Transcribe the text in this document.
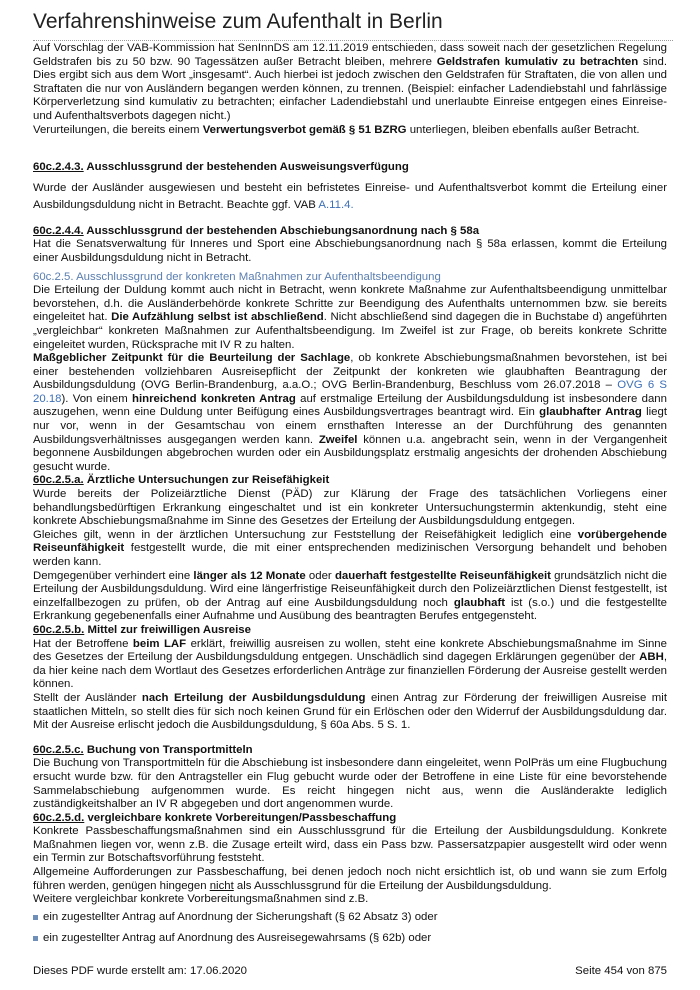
Verfahrenshinweise zum Aufenthalt in Berlin

Auf Vorschlag der VAB-Kommission hat SenInnDS am 12.11.2019 entschieden, dass soweit nach der gesetzlichen Regelung Geldstrafen bis zu 50 bzw. 90 Tagessätzen außer Betracht bleiben, mehrere Geldstrafen kumulativ zu betrachten sind. Dies ergibt sich aus dem Wort „insgesamt“. Auch hierbei ist jedoch zwischen den Geldstrafen für Straftaten, die von allen und Straftaten die nur von Ausländern begangen werden können, zu trennen. (Beispiel: einfacher Ladendiebstahl und fahrlässige Körperverletzung sind kumulativ zu betrachten; einfacher Ladendiebstahl und unerlaubte Einreise entgegen eines Einreise- und Aufenthaltsverbots dagegen nicht.)

Verurteilungen, die bereits einem Verwertungsverbot gemäß § 51 BZRG unterliegen, bleiben ebenfalls außer Betracht.

60c.2.4.3. Ausschlussgrund der bestehenden Ausweisungsverfügung

Wurde der Ausländer ausgewiesen und besteht ein befristetes Einreise- und Aufenthaltsverbot kommt die Erteilung einer Ausbildungsduldung nicht in Betracht. Beachte ggf. VAB A.11.4.

60c.2.4.4. Ausschlussgrund der bestehenden Abschiebungsanordnung nach § 58a

Hat die Senatsverwaltung für Inneres und Sport eine Abschiebungsanordnung nach § 58a erlassen, kommt die Erteilung einer Ausbildungsduldung nicht in Betracht.

60c.2.5. Ausschlussgrund der konkreten Maßnahmen zur Aufenthaltsbeendigung

Die Erteilung der Duldung kommt auch nicht in Betracht, wenn konkrete Maßnahme zur Aufenthaltsbeendigung unmittelbar bevorstehen, d.h. die Ausländerbehörde konkrete Schritte zur Beendigung des Aufenthalts unternommen bzw. sie bereits eingeleitet hat. Die Aufzählung selbst ist abschließend. Nicht abschließend sind dagegen die in Buchstabe d) angeführten „vergleichbar“ konkreten Maßnahmen zur Aufenthaltsbeendigung. Im Zweifel ist zur Frage, ob bereits konkrete Schritte eingeleitet wurden, Rücksprache mit IV R zu halten.

Maßgeblicher Zeitpunkt für die Beurteilung der Sachlage, ob konkrete Abschiebungsmaßnahmen bevorstehen, ist bei einer bestehenden vollziehbaren Ausreisepflicht der Zeitpunkt der konkreten wie glaubhaften Beantragung der Ausbildungsduldung (OVG Berlin-Brandenburg, a.a.O.; OVG Berlin-Brandenburg, Beschluss vom 26.07.2018 – OVG 6 S 20.18). Von einem hinreichend konkreten Antrag auf erstmalige Erteilung der Ausbildungsduldung ist insbesondere dann auszugehen, wenn eine Duldung unter Beifügung eines Ausbildungsvertrages beantragt wird. Ein glaubhafter Antrag liegt nur vor, wenn in der Gesamtschau von einem ernsthaften Interesse an der Durchführung des genannten Ausbildungsverhältnisses ausgegangen werden kann. Zweifel können u.a. angebracht sein, wenn in der Vergangenheit begonnene Ausbildungen abgebrochen wurden oder ein Ausbildungsplatz erstmalig angesichts der drohenden Abschiebung gesucht wurde.

60c.2.5.a. Ärztliche Untersuchungen zur Reisefähigkeit

Wurde bereits der Polizeiärztliche Dienst (PÄD) zur Klärung der Frage des tatsächlichen Vorliegens einer behandlungsbedürftigen Erkrankung eingeschaltet und ist ein konkreter Untersuchungstermin aktenkundig, steht eine konkrete Abschiebungsmaßnahme im Sinne des Gesetzes der Erteilung der Ausbildungsduldung entgegen.

Gleiches gilt, wenn in der ärztlichen Untersuchung zur Feststellung der Reisefähigkeit lediglich eine vorübergehende Reiseunfähigkeit festgestellt wurde, die mit einer entsprechenden medizinischen Versorgung behandelt und behoben werden kann.

Demgegenüber verhindert eine länger als 12 Monate oder dauerhaft festgestellte Reiseunfähigkeit grundsätzlich nicht die Erteilung der Ausbildungsduldung. Wird eine längerfristige Reiseunfähigkeit durch den Polizeiärztlichen Dienst festgestellt, ist einzelfallbezogen zu prüfen, ob der Antrag auf eine Ausbildungsduldung noch glaubhaft ist (s.o.) und die festgestellte Erkrankung gegebenenfalls einer Aufnahme und Ausübung des beantragten Berufes entgegensteht.

60c.2.5.b. Mittel zur freiwilligen Ausreise

Hat der Betroffene beim LAF erklärt, freiwillig ausreisen zu wollen, steht eine konkrete Abschiebungsmaßnahme im Sinne des Gesetzes der Erteilung der Ausbildungsduldung entgegen. Unschädlich sind dagegen Erklärungen gegenüber der ABH, da hier keine nach dem Wortlaut des Gesetzes erforderlichen Anträge zur finanziellen Förderung der Ausreise gestellt werden können.

Stellt der Ausländer nach Erteilung der Ausbildungsduldung einen Antrag zur Förderung der freiwilligen Ausreise mit staatlichen Mitteln, so stellt dies für sich noch keinen Grund für ein Erlöschen oder den Widerruf der Ausbildungsduldung dar. Mit der Ausreise erlischt jedoch die Ausbildungsduldung, § 60a Abs. 5 S. 1.

60c.2.5.c. Buchung von Transportmitteln

Die Buchung von Transportmitteln für die Abschiebung ist insbesondere dann eingeleitet, wenn PolPräs um eine Flugbuchung ersucht wurde bzw. für den Antragsteller ein Flug gebucht wurde oder der Betroffene in eine Liste für eine bevorstehende Sammelabschiebung aufgenommen wurde. Es reicht hingegen nicht aus, wenn die Ausländerakte lediglich zuständigkeitshalber an IV R abgegeben und dort angenommen wurde.

60c.2.5.d. vergleichbare konkrete Vorbereitungen/Passbeschaffung

Konkrete Passbeschaffungsmaßnahmen sind ein Ausschlussgrund für die Erteilung der Ausbildungsduldung. Konkrete Maßnahmen liegen vor, wenn z.B. die Zusage erteilt wird, dass ein Pass bzw. Passersatzpapier ausgestellt wird oder wenn ein Termin zur Botschaftsvorführung feststeht.

Allgemeine Aufforderungen zur Passbeschaffung, bei denen jedoch noch nicht ersichtlich ist, ob und wann sie zum Erfolg führen werden, genügen hingegen nicht als Ausschlussgrund für die Erteilung der Ausbildungsduldung.

Weitere vergleichbar konkrete Vorbereitungsmaßnahmen sind z.B.

ein zugestellter Antrag auf Anordnung der Sicherungshaft (§ 62 Absatz 3) oder
ein zugestellter Antrag auf Anordnung des Ausreisegewahrsams (§ 62b) oder
Dieses PDF wurde erstellt am: 17.06.2020	Seite 454 von 875
